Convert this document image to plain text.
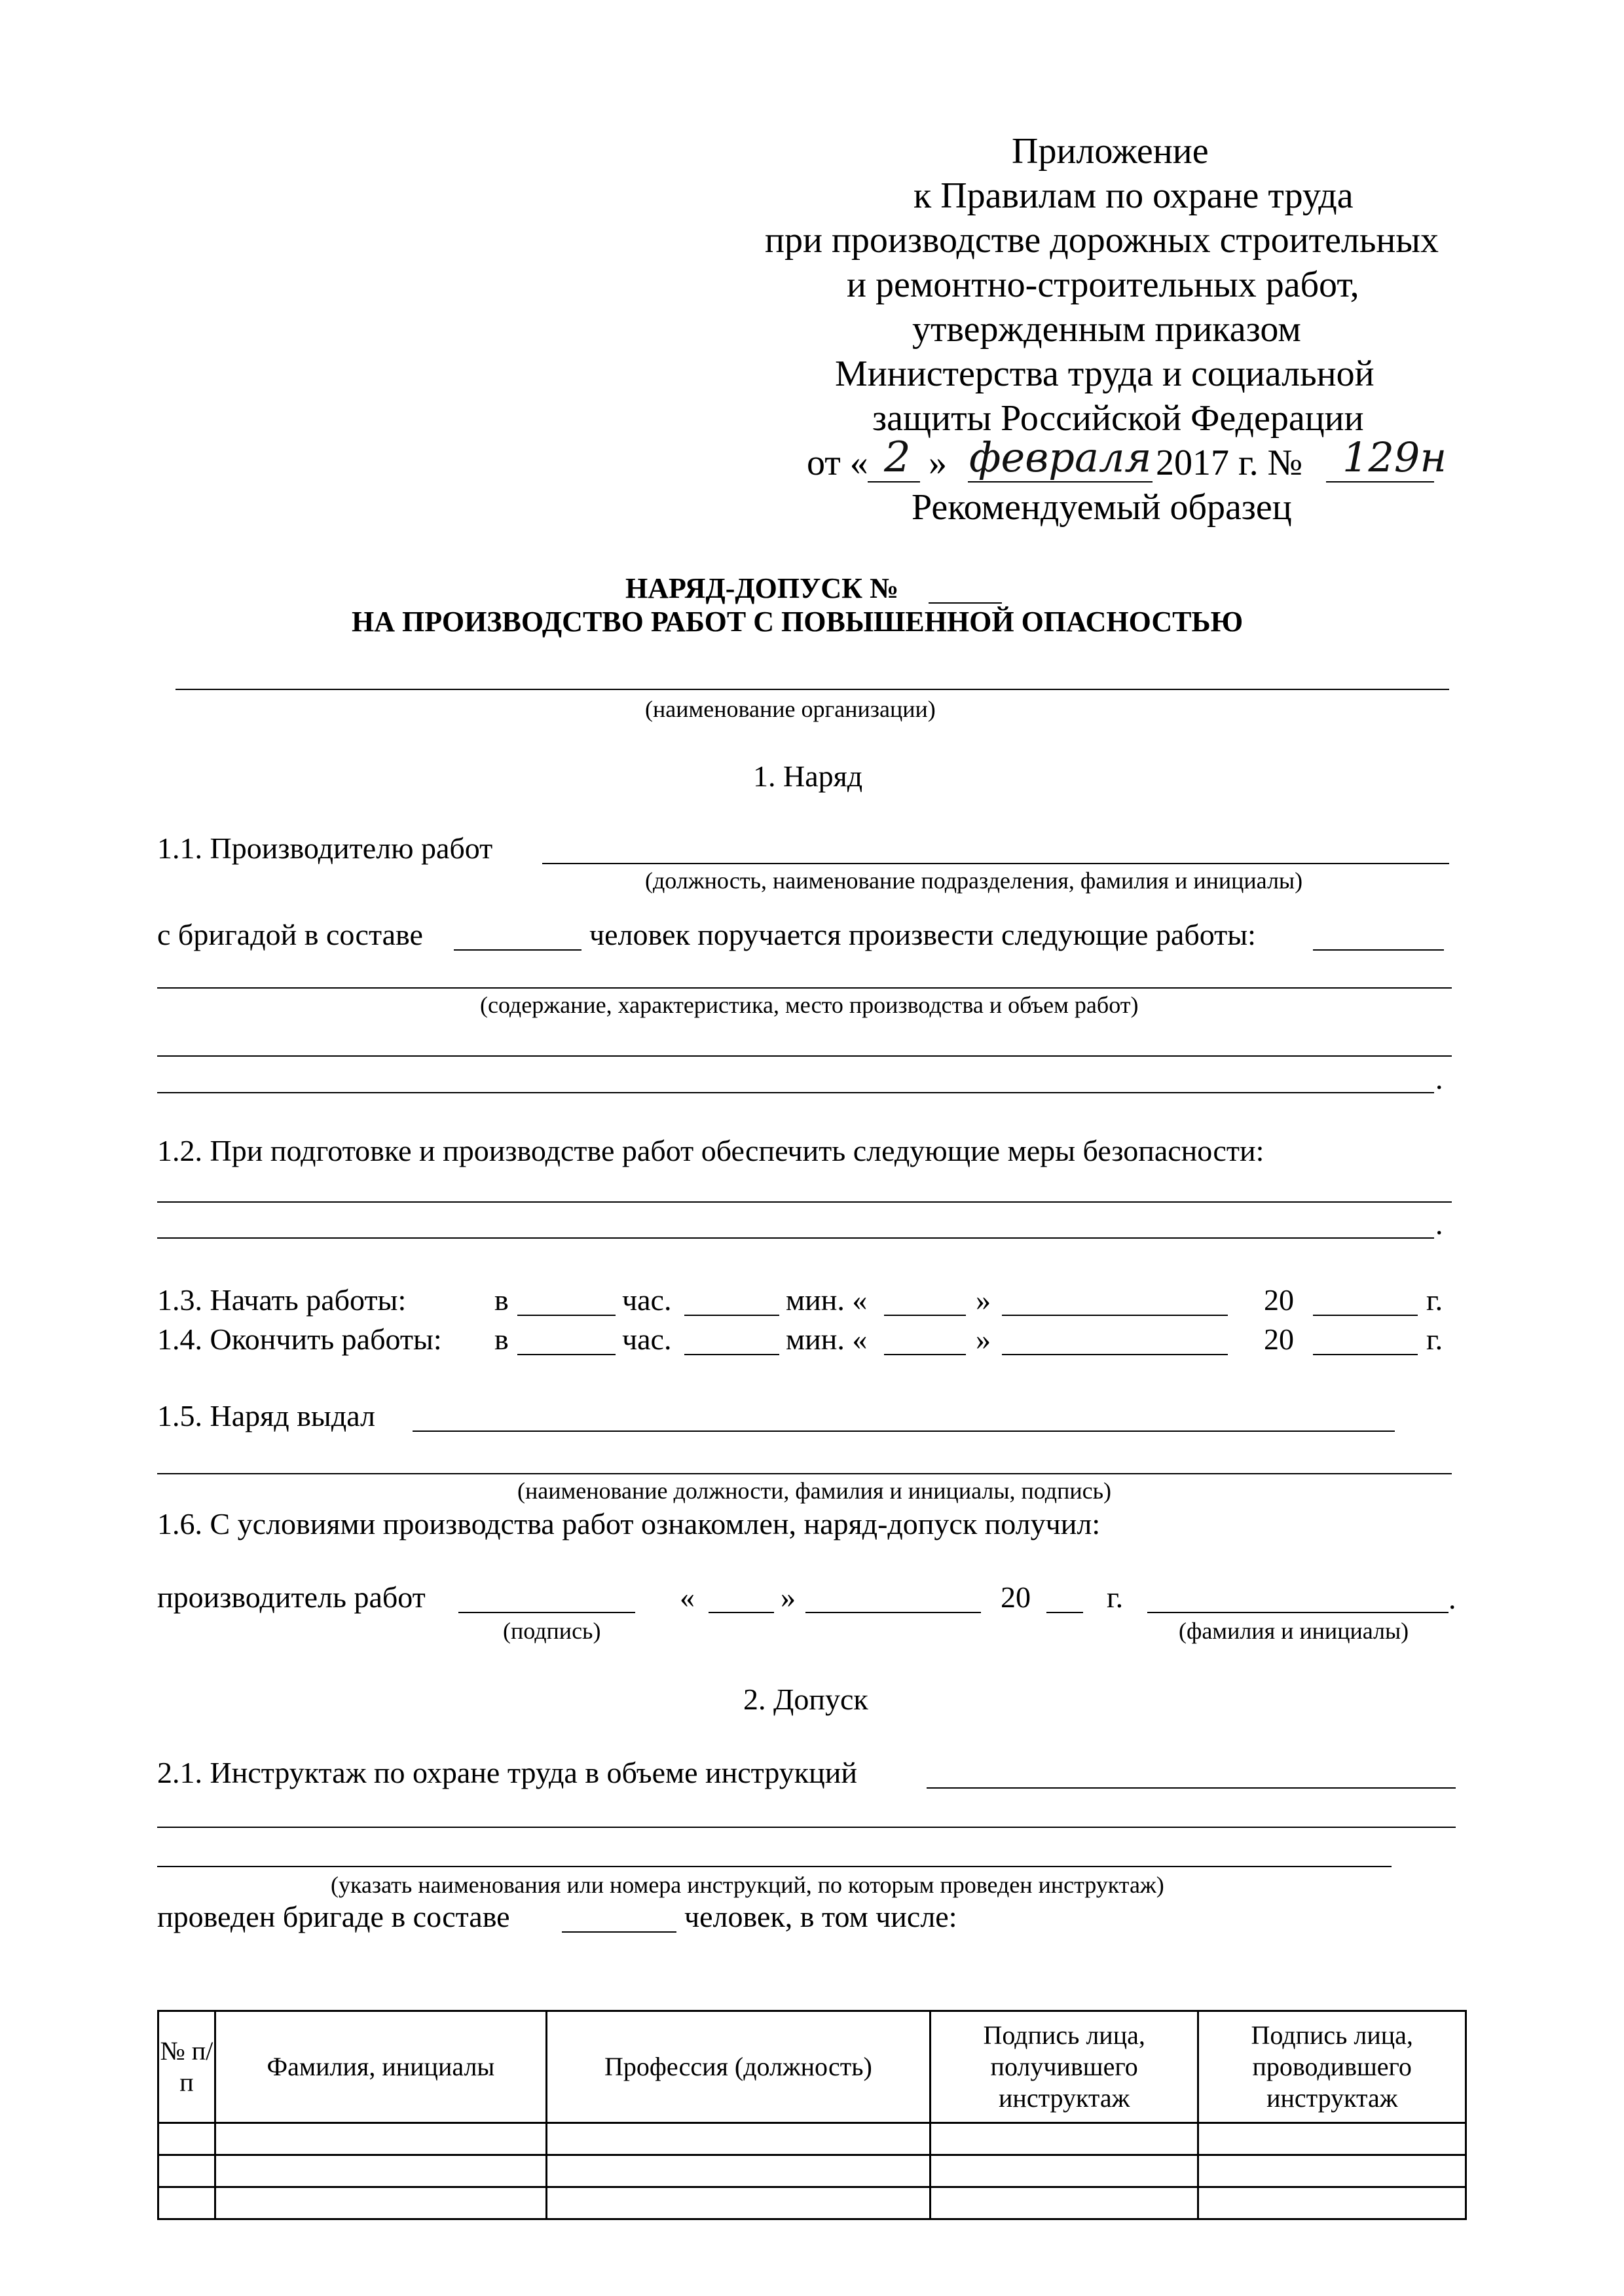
Приложение
к Правилам по охране труда
при производстве дорожных строительных
и ремонтно-строительных работ,
утвержденным приказом
Министерства труда и социальной
защиты Российской Федерации
от « 2 » февраля 2017 г. № 129н
Рекомендуемый образец
НАРЯД-ДОПУСК №
НА ПРОИЗВОДСТВО РАБОТ С ПОВЫШЕННОЙ ОПАСНОСТЬЮ
(наименование организации)
1. Наряд
1.1. Производителю работ
(должность, наименование подразделения, фамилия и инициалы)
с бригадой в составе	человек поручается произвести следующие работы:
(содержание, характеристика, место производства и объем работ)
.
1.2. При подготовке и производстве работ обеспечить следующие меры безопасности:
.
1.3. Начать работы:	в	час.	мин. «	»	20	г.
1.4. Окончить работы: в	час.	мин. «	»	20	г.
1.5. Наряд выдал
(наименование должности, фамилия и инициалы, подпись)
1.6. С условиями производства работ ознакомлен, наряд-допуск получил:
производитель работ	«	»	20	г.	.
(подпись)	(фамилия и инициалы)
2. Допуск
2.1. Инструктаж по охране труда в объеме инструкций
(указать наименования или номера инструкций, по которым проведен инструктаж)
проведен бригаде в составе	человек, в том числе:
№ п/п	Фамилия, инициалы	Профессия (должность)	Подпись лица, получившего инструктаж	Подпись лица, проводившего инструктаж
